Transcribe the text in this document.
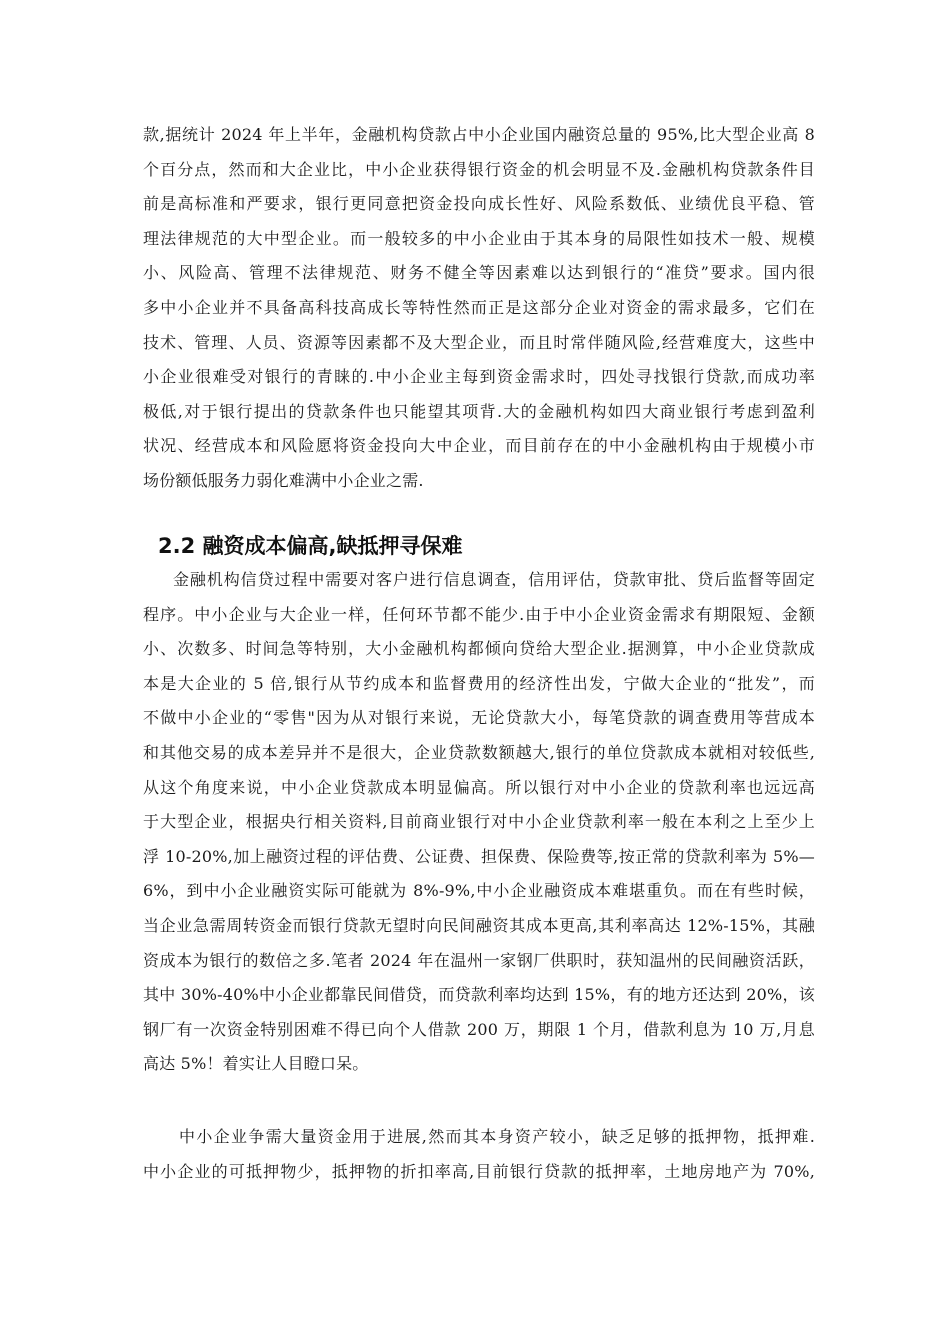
款,据统计 2024 年上半年，金融机构贷款占中小企业国内融资总量的 95%,比大型企业高 8
个百分点，然而和大企业比，中小企业获得银行资金的机会明显不及.金融机构贷款条件目
前是高标准和严要求，银行更同意把资金投向成长性好、风险系数低、业绩优良平稳、管
理法律规范的大中型企业。而一般较多的中小企业由于其本身的局限性如技术一般、规模
小、风险高、管理不法律规范、财务不健全等因素难以达到银行的“准贷”要求。国内很
多中小企业并不具备高科技高成长等特性然而正是这部分企业对资金的需求最多，它们在
技术、管理、人员、资源等因素都不及大型企业，而且时常伴随风险,经营难度大，这些中
小企业很难受对银行的青睐的.中小企业主每到资金需求时，四处寻找银行贷款,而成功率
极低,对于银行提出的贷款条件也只能望其项背.大的金融机构如四大商业银行考虑到盈利
状况、经营成本和风险愿将资金投向大中企业，而目前存在的中小金融机构由于规模小市
场份额低服务力弱化难满中小企业之需.
2.2 融资成本偏高,缺抵押寻保难
金融机构信贷过程中需要对客户进行信息调查，信用评估，贷款审批、贷后监督等固定
程序。中小企业与大企业一样，任何环节都不能少.由于中小企业资金需求有期限短、金额
小、次数多、时间急等特别，大小金融机构都倾向贷给大型企业.据测算，中小企业贷款成
本是大企业的 5 倍,银行从节约成本和监督费用的经济性出发，宁做大企业的“批发”，而
不做中小企业的“零售"因为从对银行来说，无论贷款大小，每笔贷款的调查费用等营成本
和其他交易的成本差异并不是很大，企业贷款数额越大,银行的单位贷款成本就相对较低些,
从这个角度来说，中小企业贷款成本明显偏高。所以银行对中小企业的贷款利率也远远高
于大型企业，根据央行相关资料,目前商业银行对中小企业贷款利率一般在本利之上至少上
浮 10-20%,加上融资过程的评估费、公证费、担保费、保险费等,按正常的贷款利率为 5%—
6%，到中小企业融资实际可能就为 8%-9%,中小企业融资成本难堪重负。而在有些时候，
当企业急需周转资金而银行贷款无望时向民间融资其成本更高,其利率高达 12%-15%，其融
资成本为银行的数倍之多.笔者 2024 年在温州一家钢厂供职时，获知温州的民间融资活跃，
其中 30%-40%中小企业都靠民间借贷，而贷款利率均达到 15%，有的地方还达到 20%，该
钢厂有一次资金特别困难不得已向个人借款 200 万，期限 1 个月，借款利息为 10 万,月息
高达 5%！着实让人目瞪口呆。
中小企业争需大量资金用于进展,然而其本身资产较小，缺乏足够的抵押物，抵押难.
中小企业的可抵押物少，抵押物的折扣率高,目前银行贷款的抵押率，土地房地产为 70%,
